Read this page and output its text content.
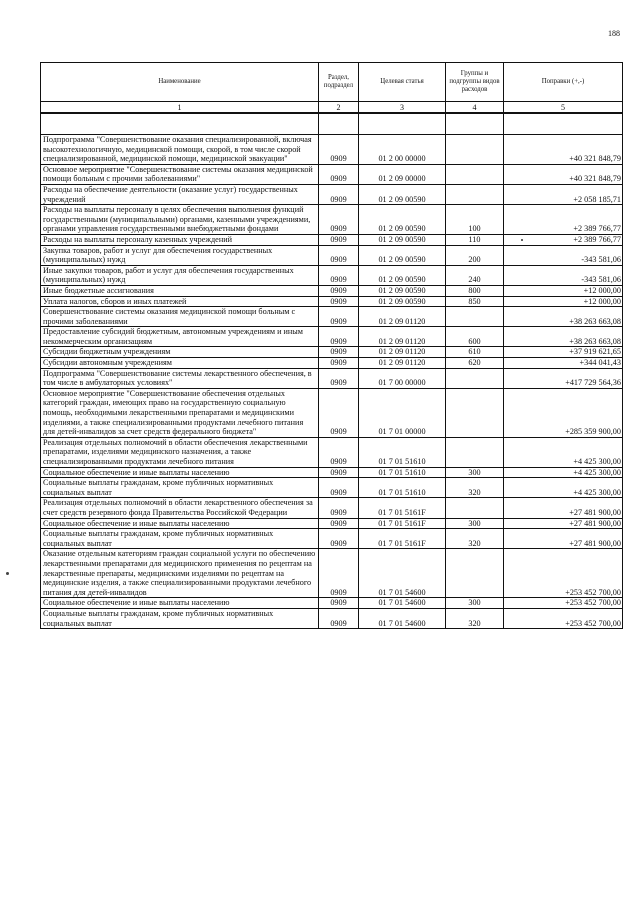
188
Наименование	Раздел, подраздел	Целевая статья	Группы и подгруппы видов расходов	Поправки (+,-)
1	2	3	4	5

Подпрограмма "Совершенствование оказания специализированной, включая высокотехнологичную, медицинской помощи, скорой, в том числе скорой специализированной, медицинской помощи, медицинской эвакуации"	0909	01 2 00 00000		+40 321 848,79
Основное мероприятие "Совершенствование системы оказания медицинской помощи больным с прочими заболеваниями"	0909	01 2 09 00000		+40 321 848,79
Расходы на обеспечение деятельности (оказание услуг) государственных учреждений	0909	01 2 09 00590		+2 058 185,71
Расходы на выплаты персоналу в целях обеспечения выполнения функций государственными (муниципальными) органами, казенными учреждениями, органами управления государственными внебюджетными фондами	0909	01 2 09 00590	100	+2 389 766,77
Расходы на выплаты персоналу казенных учреждений	0909	01 2 09 00590	110	+2 389 766,77
Закупка товаров, работ и услуг для обеспечения государственных (муниципальных) нужд	0909	01 2 09 00590	200	-343 581,06
Иные закупки товаров, работ и услуг для обеспечения государственных (муниципальных) нужд	0909	01 2 09 00590	240	-343 581,06
Иные бюджетные ассигнования	0909	01 2 09 00590	800	+12 000,00
Уплата налогов, сборов и иных платежей	0909	01 2 09 00590	850	+12 000,00
Совершенствование системы оказания медицинской помощи больным с прочими заболеваниями	0909	01 2 09 01120		+38 263 663,08
Предоставление субсидий бюджетным, автономным учреждениям и иным некоммерческим организациям	0909	01 2 09 01120	600	+38 263 663,08
Субсидии бюджетным учреждениям	0909	01 2 09 01120	610	+37 919 621,65
Субсидии автономным учреждениям	0909	01 2 09 01120	620	+344 041,43
Подпрограмма "Совершенствование системы лекарственного обеспечения, в том числе в амбулаторных условиях"	0909	01 7 00 00000		+417 729 564,36
Основное мероприятие "Совершенствование обеспечения отдельных категорий граждан, имеющих право на государственную социальную помощь, необходимыми лекарственными препаратами и медицинскими изделиями, а также специализированными продуктами лечебного питания для детей-инвалидов за счет средств федерального бюджета"	0909	01 7 01 00000		+285 359 900,00
Реализация отдельных полномочий в области обеспечения лекарственными препаратами, изделиями медицинского назначения, а также специализированными продуктами лечебного питания	0909	01 7 01 51610		+4 425 300,00
Социальное обеспечение и иные выплаты населению	0909	01 7 01 51610	300	+4 425 300,00
Социальные выплаты гражданам, кроме публичных нормативных социальных выплат	0909	01 7 01 51610	320	+4 425 300,00
Реализация отдельных полномочий в области лекарственного обеспечения за счет средств резервного фонда Правительства Российской Федерации	0909	01 7 01 5161F		+27 481 900,00
Социальное обеспечение и иные выплаты населению	0909	01 7 01 5161F	300	+27 481 900,00
Социальные выплаты гражданам, кроме публичных нормативных социальных выплат	0909	01 7 01 5161F	320	+27 481 900,00
Оказание отдельным категориям граждан социальной услуги по обеспечению лекарственными препаратами для медицинского применения по рецептам на лекарственные препараты, медицинскими изделиями по рецептам на медицинские изделия, а также специализированными продуктами лечебного питания для детей-инвалидов	0909	01 7 01 54600		+253 452 700,00
Социальное обеспечение и иные выплаты населению	0909	01 7 01 54600	300	+253 452 700,00
Социальные выплаты гражданам, кроме публичных нормативных социальных выплат	0909	01 7 01 54600	320	+253 452 700,00
